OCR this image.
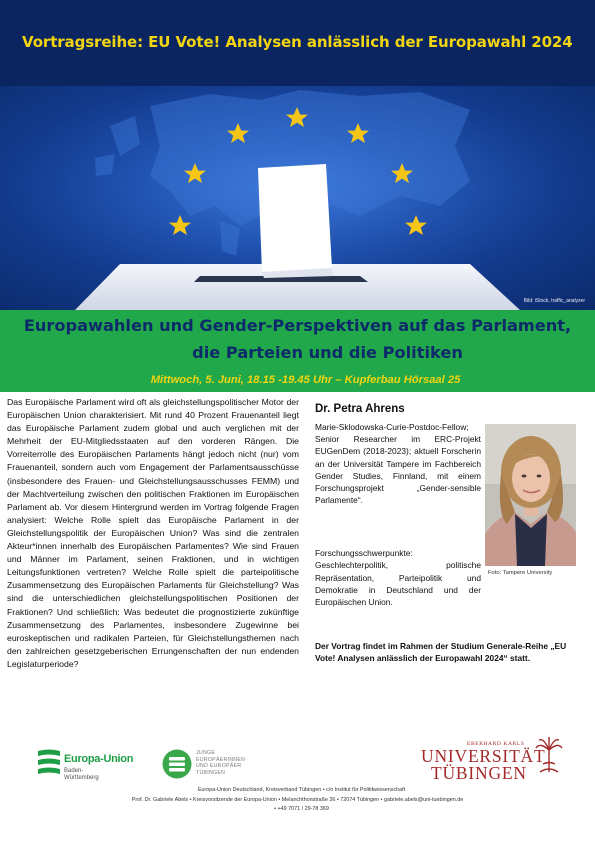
Vortragsreihe: EU Vote! Analysen anlässlich der Europawahl 2024
Bild: iStock, traffic_analyzer
Europawahlen und Gender-Perspektiven auf das Parlament,
die Parteien und die Politiken
Mittwoch, 5. Juni, 18.15 -19.45 Uhr – Kupferbau Hörsaal 25
Das Europäische Parlament wird oft als gleichstellungspolitischer Motor der Europäischen Union charakterisiert. Mit rund 40 Prozent Frauenanteil liegt das Europäische Parlament zudem global und auch verglichen mit der Mehrheit der EU-Mitgliedsstaaten auf den vorderen Rängen. Die Vorreiterrolle des Europäischen Parlaments hängt jedoch nicht (nur) vom Frauenanteil, sondern auch vom Engagement der Parlamentsausschüsse (insbesondere des Frauen- und Gleichstellungsausschusses FEMM) und der Machtverteilung zwischen den politischen Fraktionen im Europäischen Parlament ab. Vor diesem Hintergrund werden im Vortrag folgende Fragen analysiert: Welche Rolle spielt das Europäische Parlament in der Gleichstellungspolitik der Europäischen Union? Was sind die zentralen Akteur*innen innerhalb des Europäischen Parlamentes? Wie sind Frauen und Männer im Parlament, seinen Fraktionen, und in wichtigen Leitungsfunktionen vertreten? Welche Rolle spielt die parteipolitische Zusammensetzung des Europäischen Parlaments für Gleichstellung? Was sind die unterschiedlichen gleichstellungspolitischen Positionen der Fraktionen? Und schließlich: Was bedeutet die prognostizierte zukünftige Zusammensetzung des Parlamentes, insbesondere Zugewinne bei euroskeptischen und radikalen Parteien, für Gleichstellungsthemen nach den zahlreichen gesetzgeberischen Errungenschaften der nun endenden Legislaturperiode?
Dr. Petra Ahrens
Marie-Sklodowska-Curie-Postdoc-Fellow; Senior Researcher im ERC-Projekt EUGenDem (2018-2023); aktuell Forscherin an der Universität Tampere im Fachbereich Gender Studies, Finnland, mit einem Forschungsprojekt „Gender-sensible Parlamente“.
Foto: Tampere University
Forschungsschwerpunkte:
Geschlechterpolitik, politische Repräsentation, Parteipolitik und Demokratie in Deutschland und der Europäischen Union.
Der Vortrag findet im Rahmen der Studium Generale-Reihe „EU Vote! Analysen anlässlich der Europawahl 2024“ statt.
Europa-Union
Baden-
Württemberg
JUNGE
EUROPÄERINNEN
UND EUROPÄER
TÜBINGEN
EBERHARD KARLS
UNIVERSITÄT
TÜBINGEN
Europa-Union Deutschland, Kreisverband Tübingen • c/o Institut für Politikwissenschaft
Prof. Dr. Gabriele Abels • Kreisvorsitzende der Europa-Union • Melanchthonstraße 36 • 72074 Tübingen • gabriele.abels@uni-tuebingen.de
• +49 7071 / 29-78 369
